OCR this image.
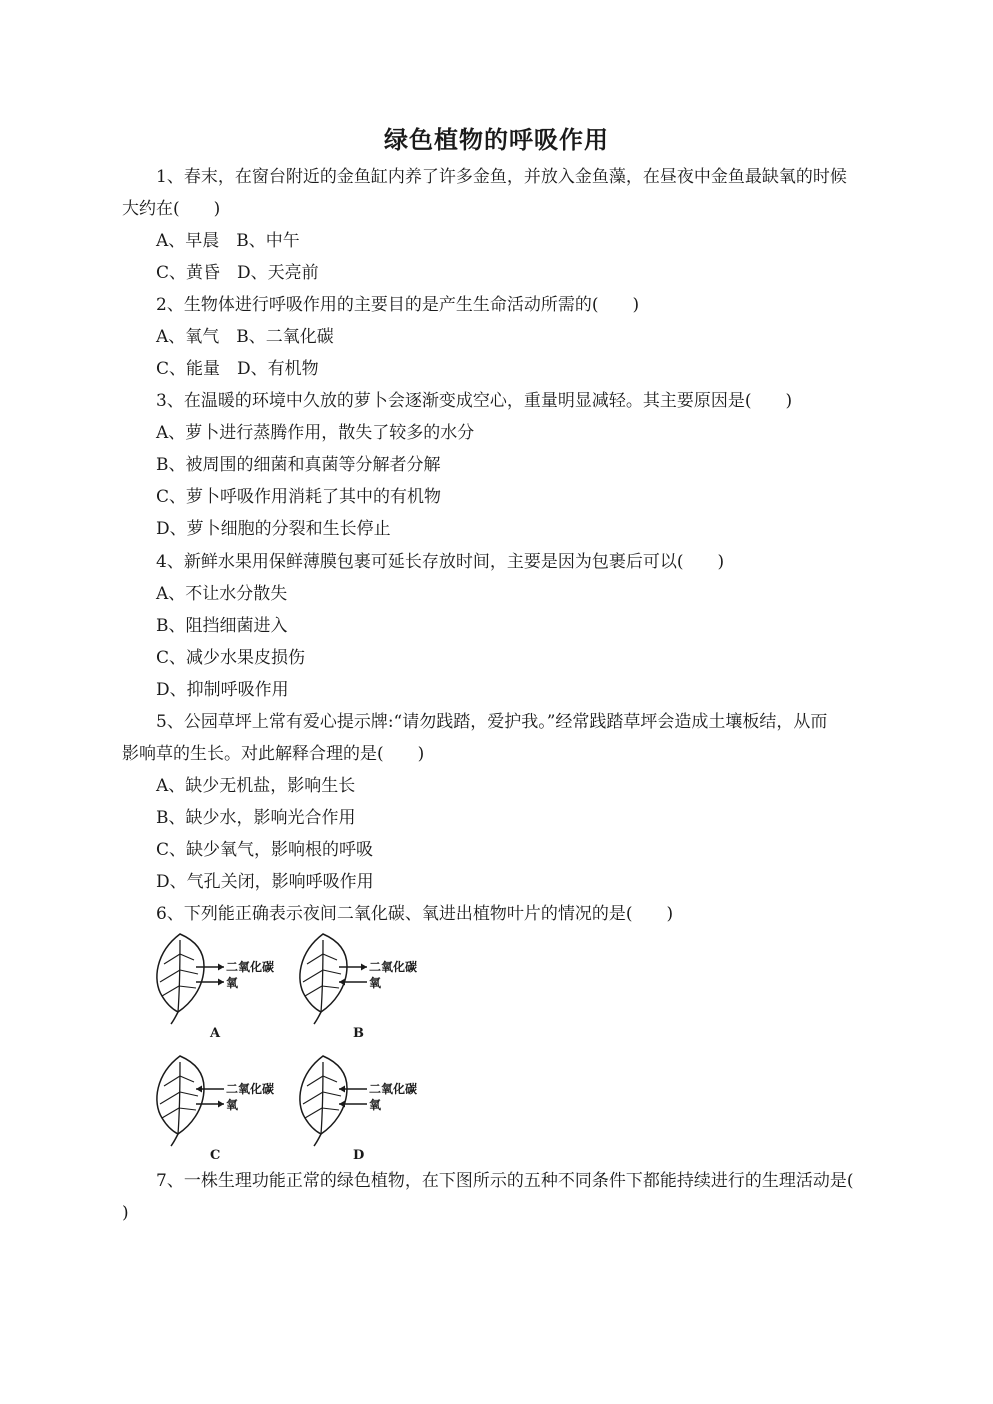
绿色植物的呼吸作用
1、春末，在窗台附近的金鱼缸内养了许多金鱼，并放入金鱼藻，在昼夜中金鱼最缺氧的时候
大约在(　　)
A、早晨　B、中午
C、黄昏　D、天亮前
2、生物体进行呼吸作用的主要目的是产生生命活动所需的(　　)
A、氧气　B、二氧化碳
C、能量　D、有机物
3、在温暖的环境中久放的萝卜会逐渐变成空心，重量明显减轻。其主要原因是(　　)
A、萝卜进行蒸腾作用，散失了较多的水分
B、被周围的细菌和真菌等分解者分解
C、萝卜呼吸作用消耗了其中的有机物
D、萝卜细胞的分裂和生长停止
4、新鲜水果用保鲜薄膜包裹可延长存放时间，主要是因为包裹后可以(　　)
A、不让水分散失
B、阻挡细菌进入
C、减少水果皮损伤
D、抑制呼吸作用
5、公园草坪上常有爱心提示牌:“请勿践踏，爱护我。”经常践踏草坪会造成土壤板结，从而
影响草的生长。对此解释合理的是(　　)
A、缺少无机盐，影响生长
B、缺少水，影响光合作用
C、缺少氧气，影响根的呼吸
D、气孔关闭，影响呼吸作用
6、下列能正确表示夜间二氧化碳、氧进出植物叶片的情况的是(　　)
二氧化碳
氧
A
二氧化碳
氧
B
二氧化碳
氧
C
二氧化碳
氧
D
7、一株生理功能正常的绿色植物，在下图所示的五种不同条件下都能持续进行的生理活动是(
)
